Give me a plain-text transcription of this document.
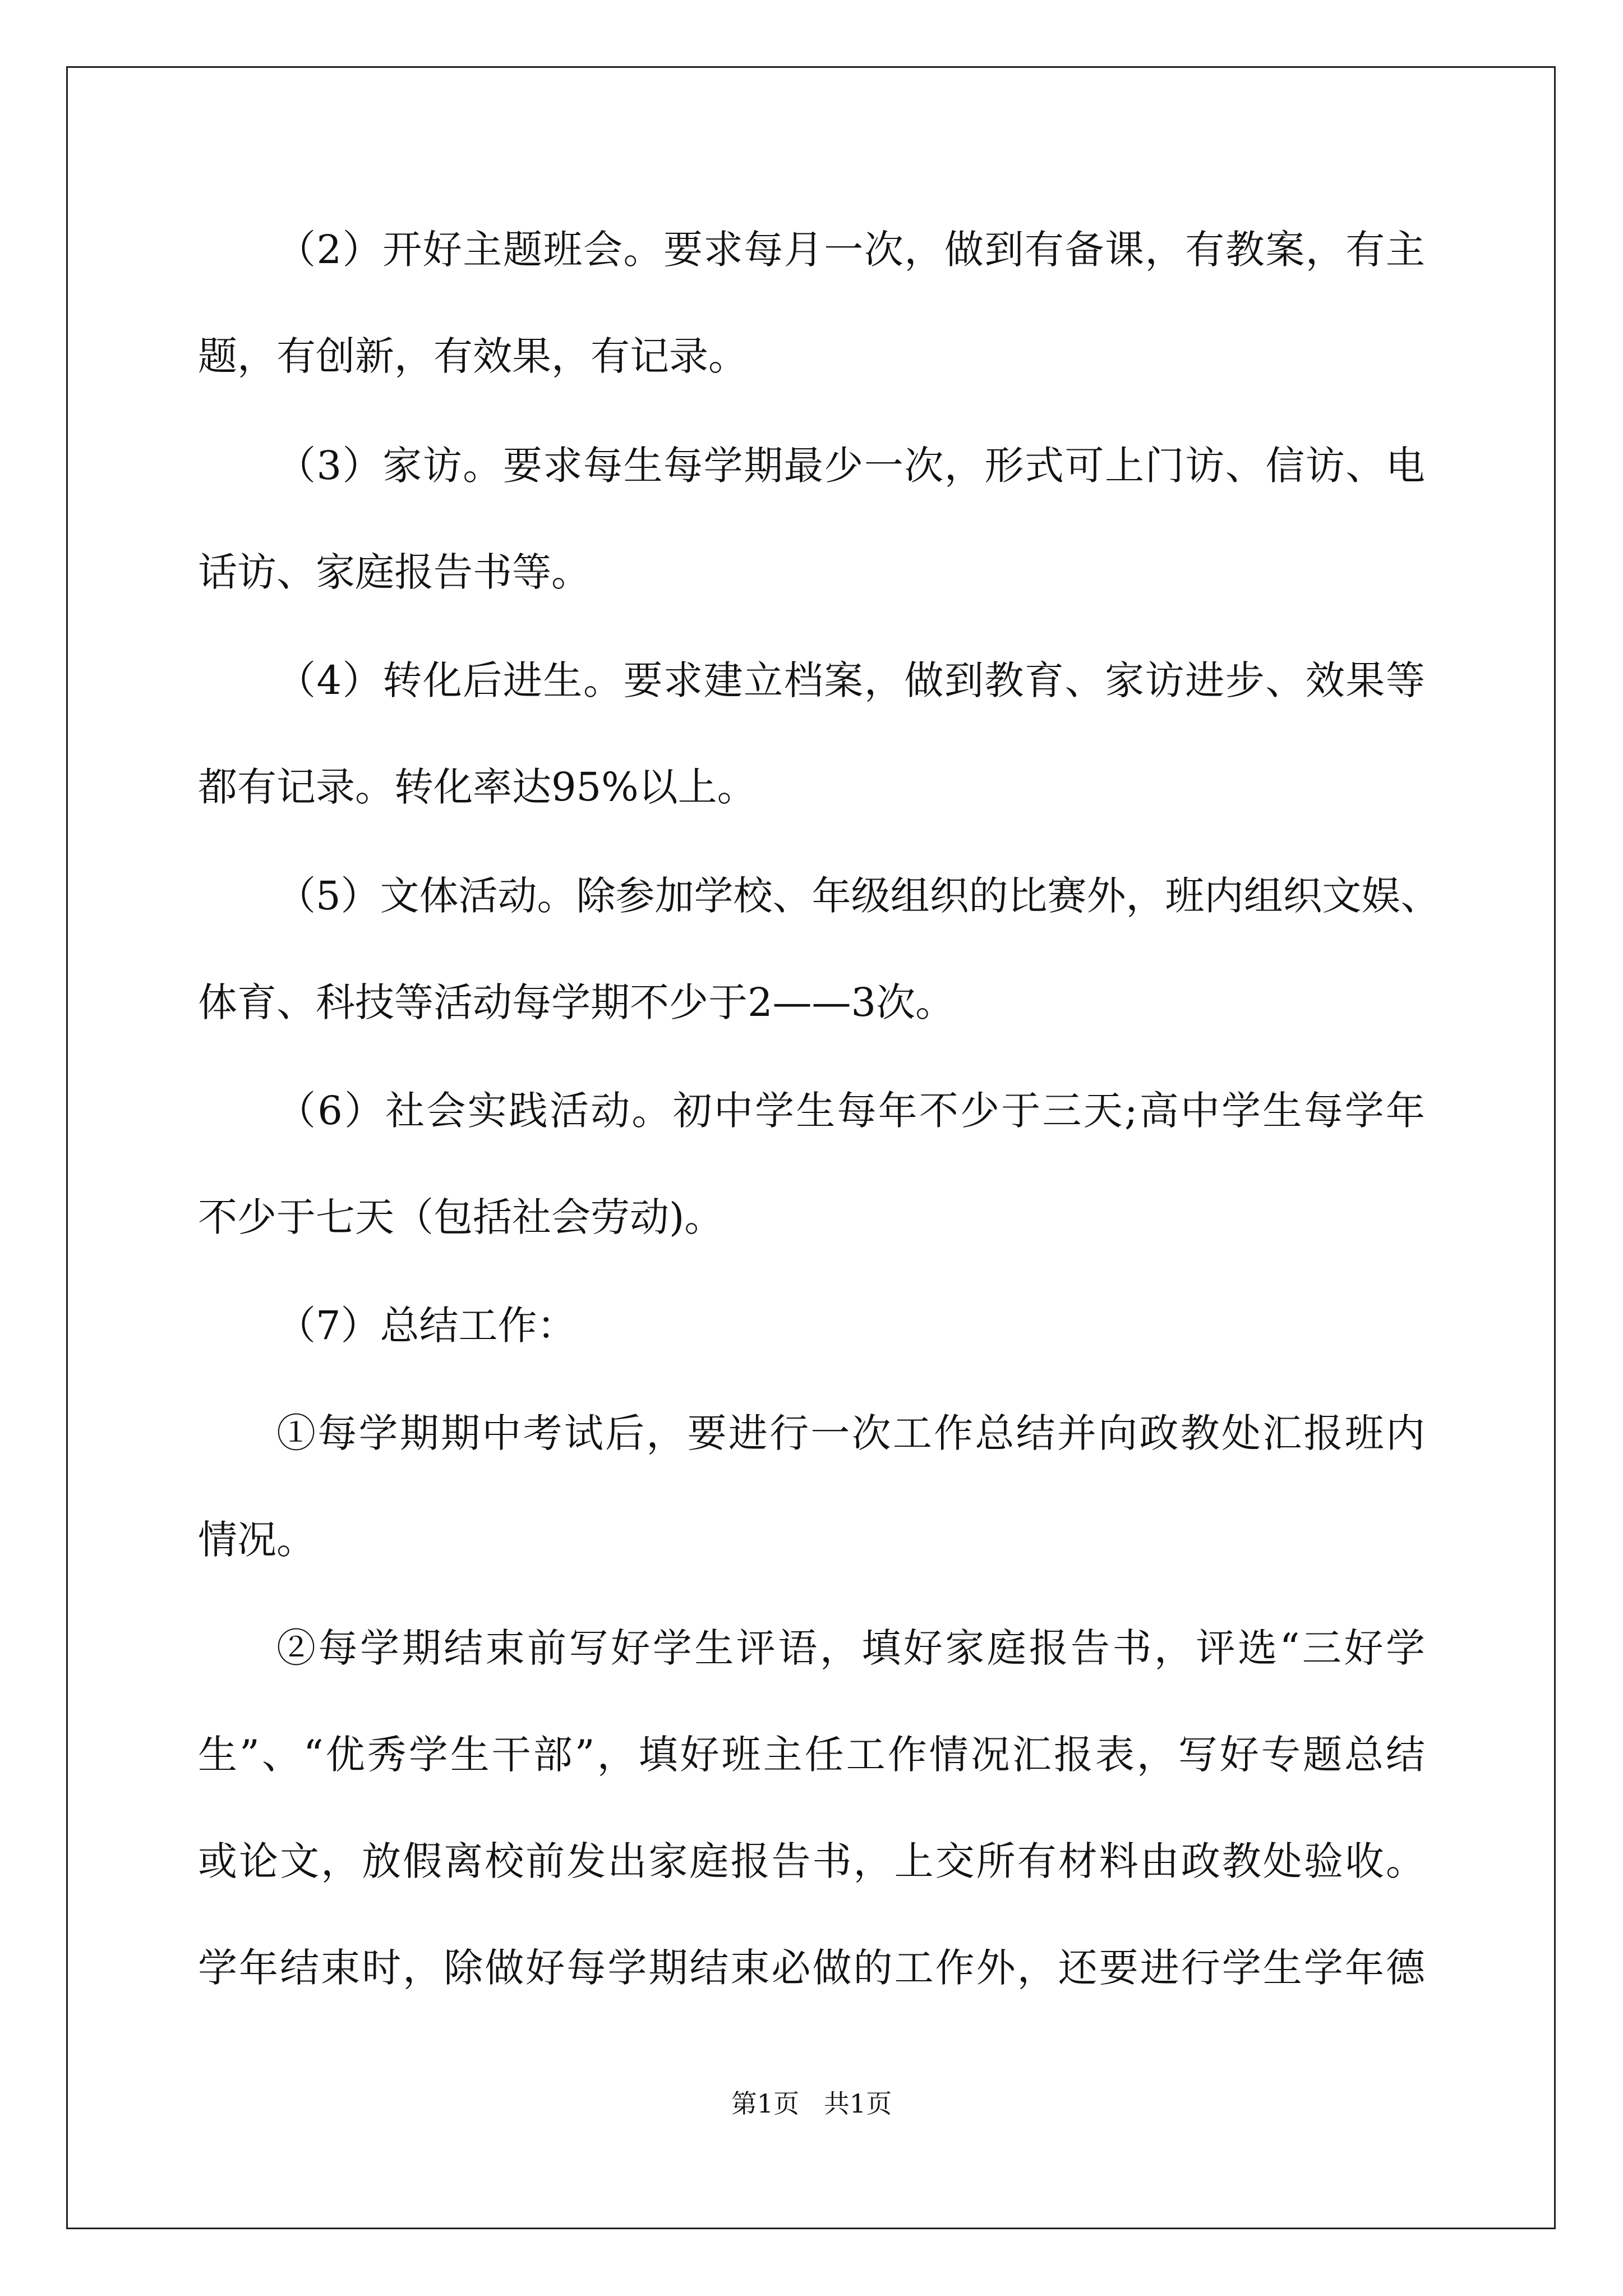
（2）开好主题班会。要求每月一次，做到有备课，有教案，有主
题，有创新，有效果，有记录。
（3）家访。要求每生每学期最少一次，形式可上门访、信访、电
话访、家庭报告书等。
（4）转化后进生。要求建立档案，做到教育、家访进步、效果等
都有记录。转化率达95%以上。
（5）文体活动。除参加学校、年级组织的比赛外，班内组织文娱、
体育、科技等活动每学期不少于2——3次。
（6）社会实践活动。初中学生每年不少于三天;高中学生每学年
不少于七天（包括社会劳动)。
（7）总结工作：
①每学期期中考试后，要进行一次工作总结并向政教处汇报班内
情况。
②每学期结束前写好学生评语，填好家庭报告书，评选“三好学
生”、“优秀学生干部”，填好班主任工作情况汇报表，写好专题总结
或论文，放假离校前发出家庭报告书，上交所有材料由政教处验收。
学年结束时，除做好每学期结束必做的工作外，还要进行学生学年德
第1页   共1页
